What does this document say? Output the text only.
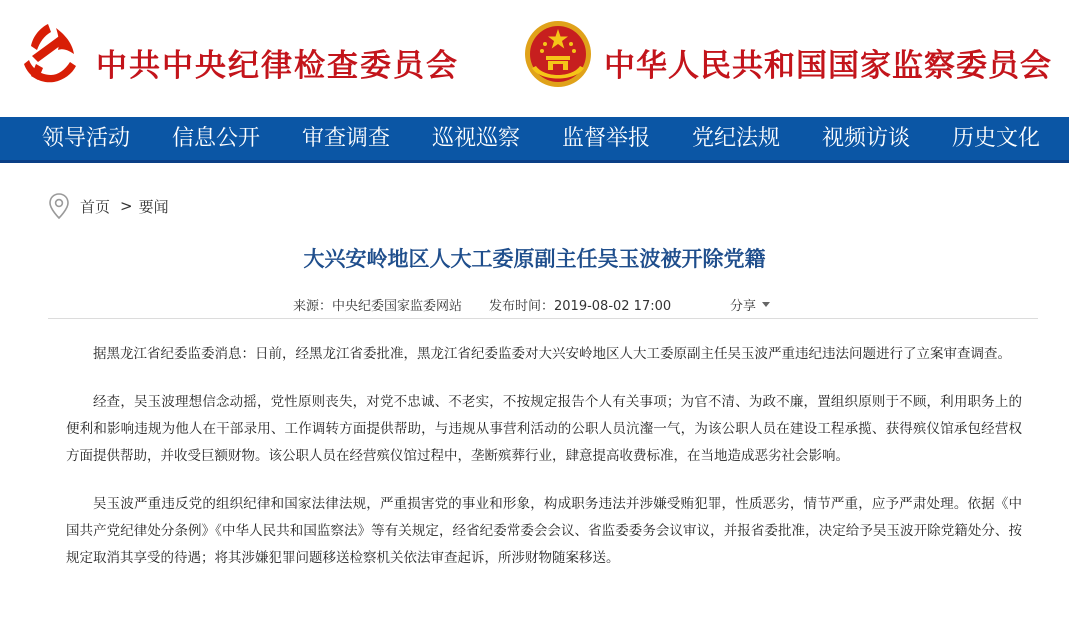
中共中央纪律检查委员会	中华人民共和国国家监察委员会
领导活动	信息公开	审查调查	巡视巡察	监督举报	党纪法规	视频访谈	历史文化
首页 > 要闻
大兴安岭地区人大工委原副主任吴玉波被开除党籍
来源：中央纪委国家监委网站 发布时间：2019-08-02 17:00	分享

据黑龙江省纪委监委消息：日前，经黑龙江省委批准，黑龙江省纪委监委对大兴安岭地区人大工委原副主任吴玉波严重违纪违法问题进行了立案审查调查。

经查，吴玉波理想信念动摇，党性原则丧失，对党不忠诚、不老实，不按规定报告个人有关事项；为官不清、为政不廉，置组织原则于不顾，利用职务上的便利和影响违规为他人在干部录用、工作调转方面提供帮助，与违规从事营利活动的公职人员沆瀣一气，为该公职人员在建设工程承揽、获得殡仪馆承包经营权方面提供帮助，并收受巨额财物。该公职人员在经营殡仪馆过程中，垄断殡葬行业，肆意提高收费标准，在当地造成恶劣社会影响。

吴玉波严重违反党的组织纪律和国家法律法规，严重损害党的事业和形象，构成职务违法并涉嫌受贿犯罪，性质恶劣，情节严重，应予严肃处理。依据《中国共产党纪律处分条例》《中华人民共和国监察法》等有关规定，经省纪委常委会会议、省监委委务会议审议，并报省委批准，决定给予吴玉波开除党籍处分、按规定取消其享受的待遇；将其涉嫌犯罪问题移送检察机关依法审查起诉，所涉财物随案移送。
